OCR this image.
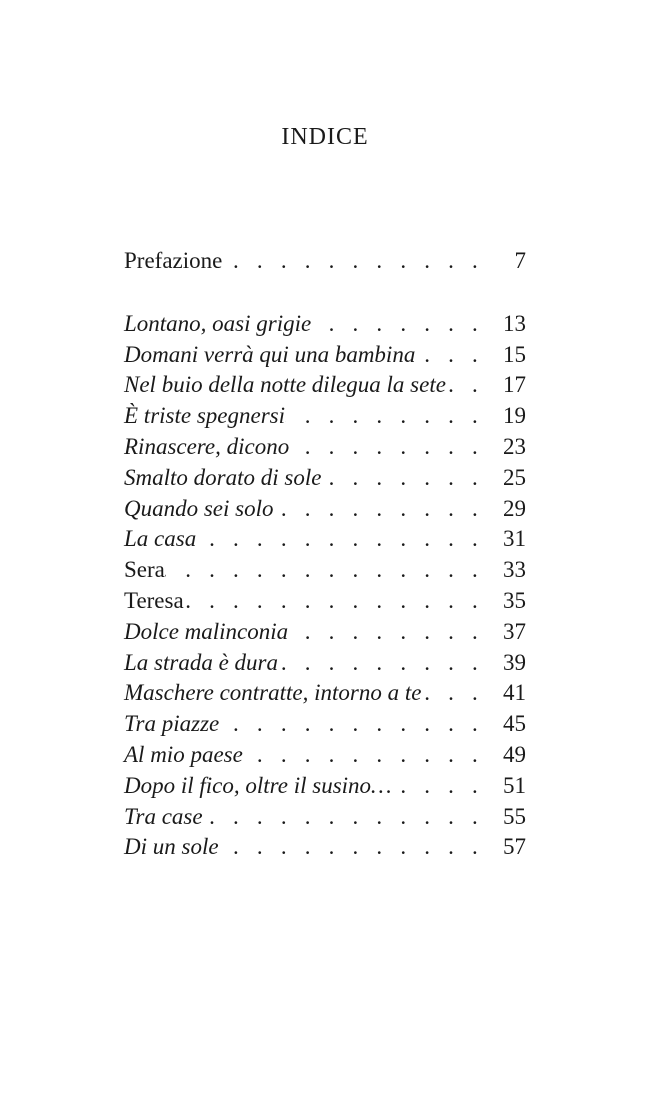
INDICE
Prefazione . . .	7
Lontano, oasi grigie . . .	13
Domani verrà qui una bambina . . .	15
Nel buio della notte dilegua la sete . . . 17
È triste spegnersi . . .	19
Rinascere, dicono . . .	23
Smalto dorato di sole . . .	25
Quando sei solo . . .	29
La casa . . .	31
Sera . . .	33
Teresa . . .	35
Dolce malinconia . . .	37
La strada è dura . . .	39
Maschere contratte, intorno a te . . .	41
Tra piazze . . .	45
Al mio paese . . .	49
Dopo il fico, oltre il susino… . . .	51
Tra case . . .	55
Di un sole . . .	57
